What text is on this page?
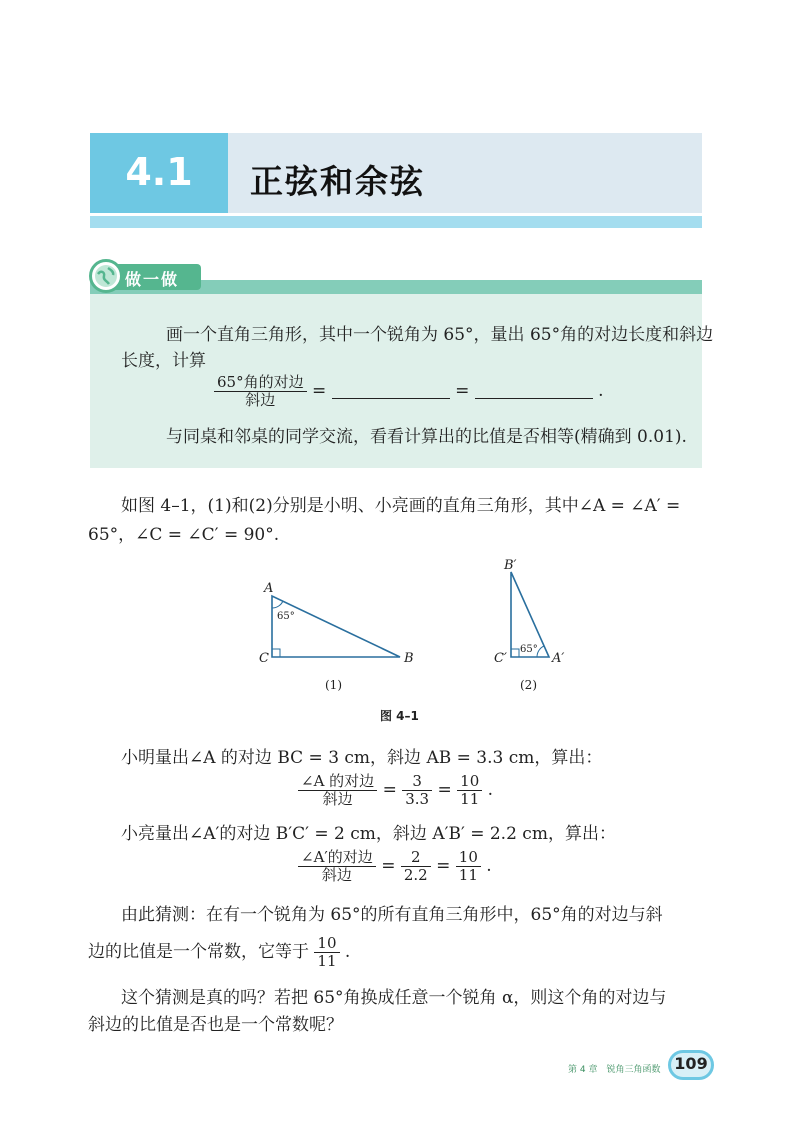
4.1	正弦和余弦
做一做
画一个直角三角形，其中一个锐角为 65°，量出 65°角的对边长度和斜边
长度，计算
$\frac{\text{65°角的对边}}{\text{斜边}}$ =	=	.
与同桌和邻桌的同学交流，看看计算出的比值是否相等(精确到 0.01).
如图 4–1，(1)和(2)分别是小明、小亮画的直角三角形，其中∠A = ∠A′ =
65°，∠C = ∠C′ = 90°.
A
B
C
65°
(1)
B′
A′
C′
65°
(2)
图 4–1
小明量出∠A 的对边 BC = 3 cm，斜边 AB = 3.3 cm，算出：
$\frac{\text{∠A 的对边}}{\text{斜边}} = \frac{3}{3.3} = \frac{10}{11}$ .
小亮量出∠A′的对边 B′C′ = 2 cm，斜边 A′B′ = 2.2 cm，算出：
$\frac{\text{∠A′的对边}}{\text{斜边}} = \frac{2}{2.2} = \frac{10}{11}$ .
由此猜测：在有一个锐角为 65°的所有直角三角形中，65°角的对边与斜
边的比值是一个常数，它等于 $\frac{10}{11}$ .
这个猜测是真的吗？若把 65°角换成任意一个锐角 α，则这个角的对边与
斜边的比值是否也是一个常数呢？
第 4 章　锐角三角函数 109
